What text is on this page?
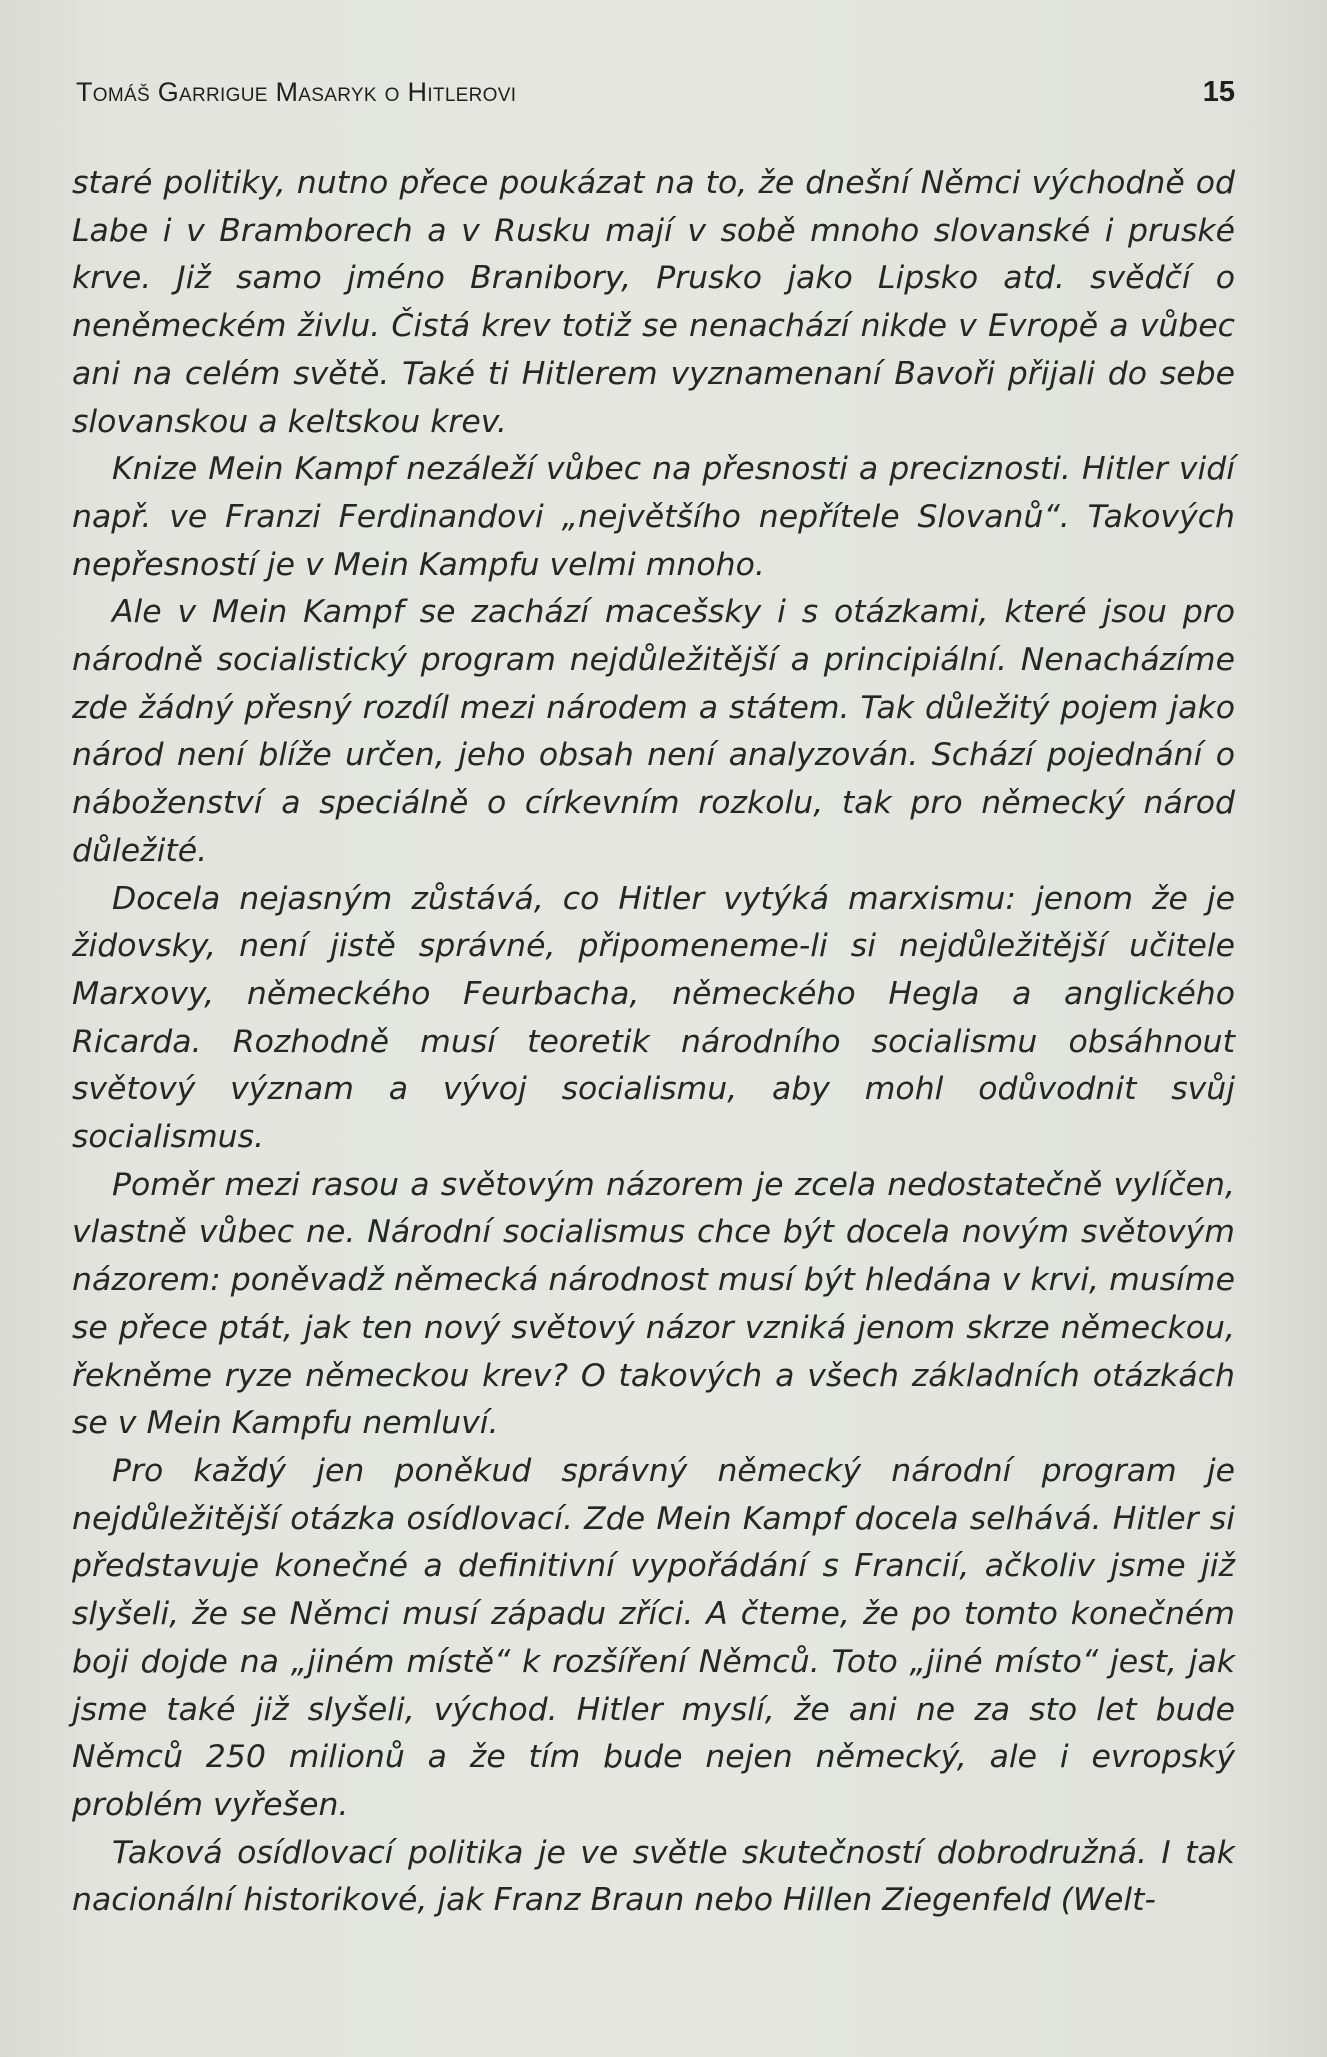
Tomáš Garrigue Masaryk o Hitlerovi	15

staré politiky, nutno přece poukázat na to, že dnešní Němci východně od Labe i v Bramborech a v Rusku mají v sobě mnoho slovanské i pruské krve. Již samo jméno Branibory, Prusko jako Lipsko atd. svědčí o neněmeckém živlu. Čistá krev totiž se nenachází nikde v Evropě a vůbec ani na celém světě. Také ti Hitlerem vyznamenaní Bavoři přijali do sebe slovanskou a keltskou krev.

Knize Mein Kampf nezáleží vůbec na přesnosti a preciznosti. Hitler vidí např. ve Franzi Ferdinandovi „největšího nepřítele Slovanů“. Takových nepřesností je v Mein Kampfu velmi mnoho.

Ale v Mein Kampf se zachází macešsky i s otázkami, které jsou pro národně socialistický program nejdůležitější a principiální. Nenacházíme zde žádný přesný rozdíl mezi národem a státem. Tak důležitý pojem jako národ není blíže určen, jeho obsah není analyzován. Schází pojednání o náboženství a speciálně o církevním rozkolu, tak pro německý národ důležité.

Docela nejasným zůstává, co Hitler vytýká marxismu: jenom že je židovsky, není jistě správné, připomeneme-li si nejdůležitější učitele Marxovy, německého Feurbacha, německého Hegla a anglického Ricarda. Rozhodně musí teoretik národního socialismu obsáhnout světový význam a vývoj socialismu, aby mohl odůvodnit svůj socialismus.

Poměr mezi rasou a světovým názorem je zcela nedostatečně vylíčen, vlastně vůbec ne. Národní socialismus chce být docela novým světovým názorem: poněvadž německá národnost musí být hledána v krvi, musíme se přece ptát, jak ten nový světový názor vzniká jenom skrze německou, řekněme ryze německou krev? O takových a všech základních otázkách se v Mein Kampfu nemluví.

Pro každý jen poněkud správný německý národní program je nejdůležitější otázka osídlovací. Zde Mein Kampf docela selhává. Hitler si představuje konečné a definitivní vypořádání s Francií, ačkoliv jsme již slyšeli, že se Němci musí západu zříci. A čteme, že po tomto konečném boji dojde na „jiném místě“ k rozšíření Němců. Toto „jiné místo“ jest, jak jsme také již slyšeli, východ. Hitler myslí, že ani ne za sto let bude Němců 250 milionů a že tím bude nejen německý, ale i evropský problém vyřešen.

Taková osídlovací politika je ve světle skutečností dobrodružná. I tak nacionální historikové, jak Franz Braun nebo Hillen Ziegenfeld (Welt-
